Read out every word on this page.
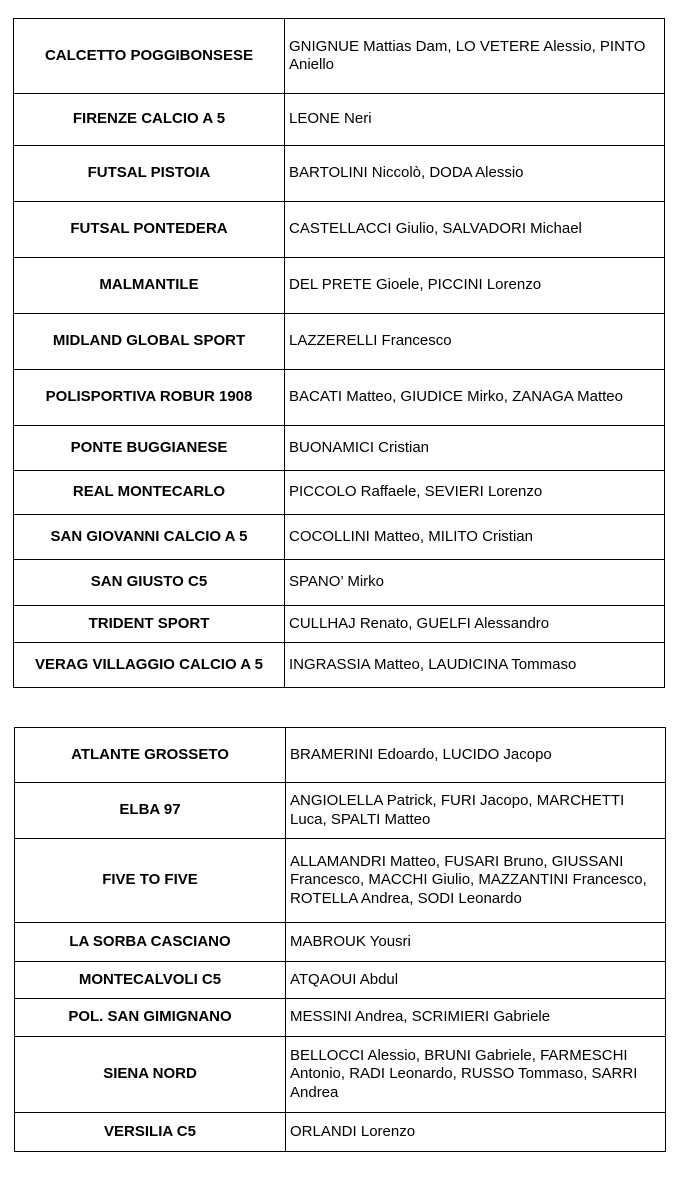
CALCETTO POGGIBONSESE	GNIGNUE Mattias Dam, LO VETERE Alessio, PINTO Aniello
FIRENZE CALCIO A 5	LEONE Neri
FUTSAL PISTOIA	BARTOLINI Niccolò, DODA Alessio
FUTSAL PONTEDERA	CASTELLACCI Giulio, SALVADORI Michael
MALMANTILE	DEL PRETE Gioele, PICCINI Lorenzo
MIDLAND GLOBAL SPORT	LAZZERELLI Francesco
POLISPORTIVA ROBUR 1908	BACATI Matteo, GIUDICE Mirko, ZANAGA Matteo
PONTE BUGGIANESE	BUONAMICI Cristian
REAL MONTECARLO	PICCOLO Raffaele, SEVIERI Lorenzo
SAN GIOVANNI CALCIO A 5	COCOLLINI Matteo, MILITO Cristian
SAN GIUSTO C5	SPANO’ Mirko
TRIDENT SPORT	CULLHAJ Renato, GUELFI Alessandro
VERAG VILLAGGIO CALCIO A 5	INGRASSIA Matteo, LAUDICINA Tommaso
ATLANTE GROSSETO	BRAMERINI Edoardo, LUCIDO Jacopo
ELBA 97	ANGIOLELLA Patrick, FURI Jacopo, MARCHETTI Luca, SPALTI Matteo
FIVE TO FIVE	ALLAMANDRI Matteo, FUSARI Bruno, GIUSSANI Francesco, MACCHI Giulio, MAZZANTINI Francesco, ROTELLA Andrea, SODI Leonardo
LA SORBA CASCIANO	MABROUK Yousri
MONTECALVOLI C5	ATQAOUI Abdul
POL. SAN GIMIGNANO	MESSINI Andrea, SCRIMIERI Gabriele
SIENA NORD	BELLOCCI Alessio, BRUNI Gabriele, FARMESCHI Antonio, RADI Leonardo, RUSSO Tommaso, SARRI Andrea
VERSILIA C5	ORLANDI Lorenzo
